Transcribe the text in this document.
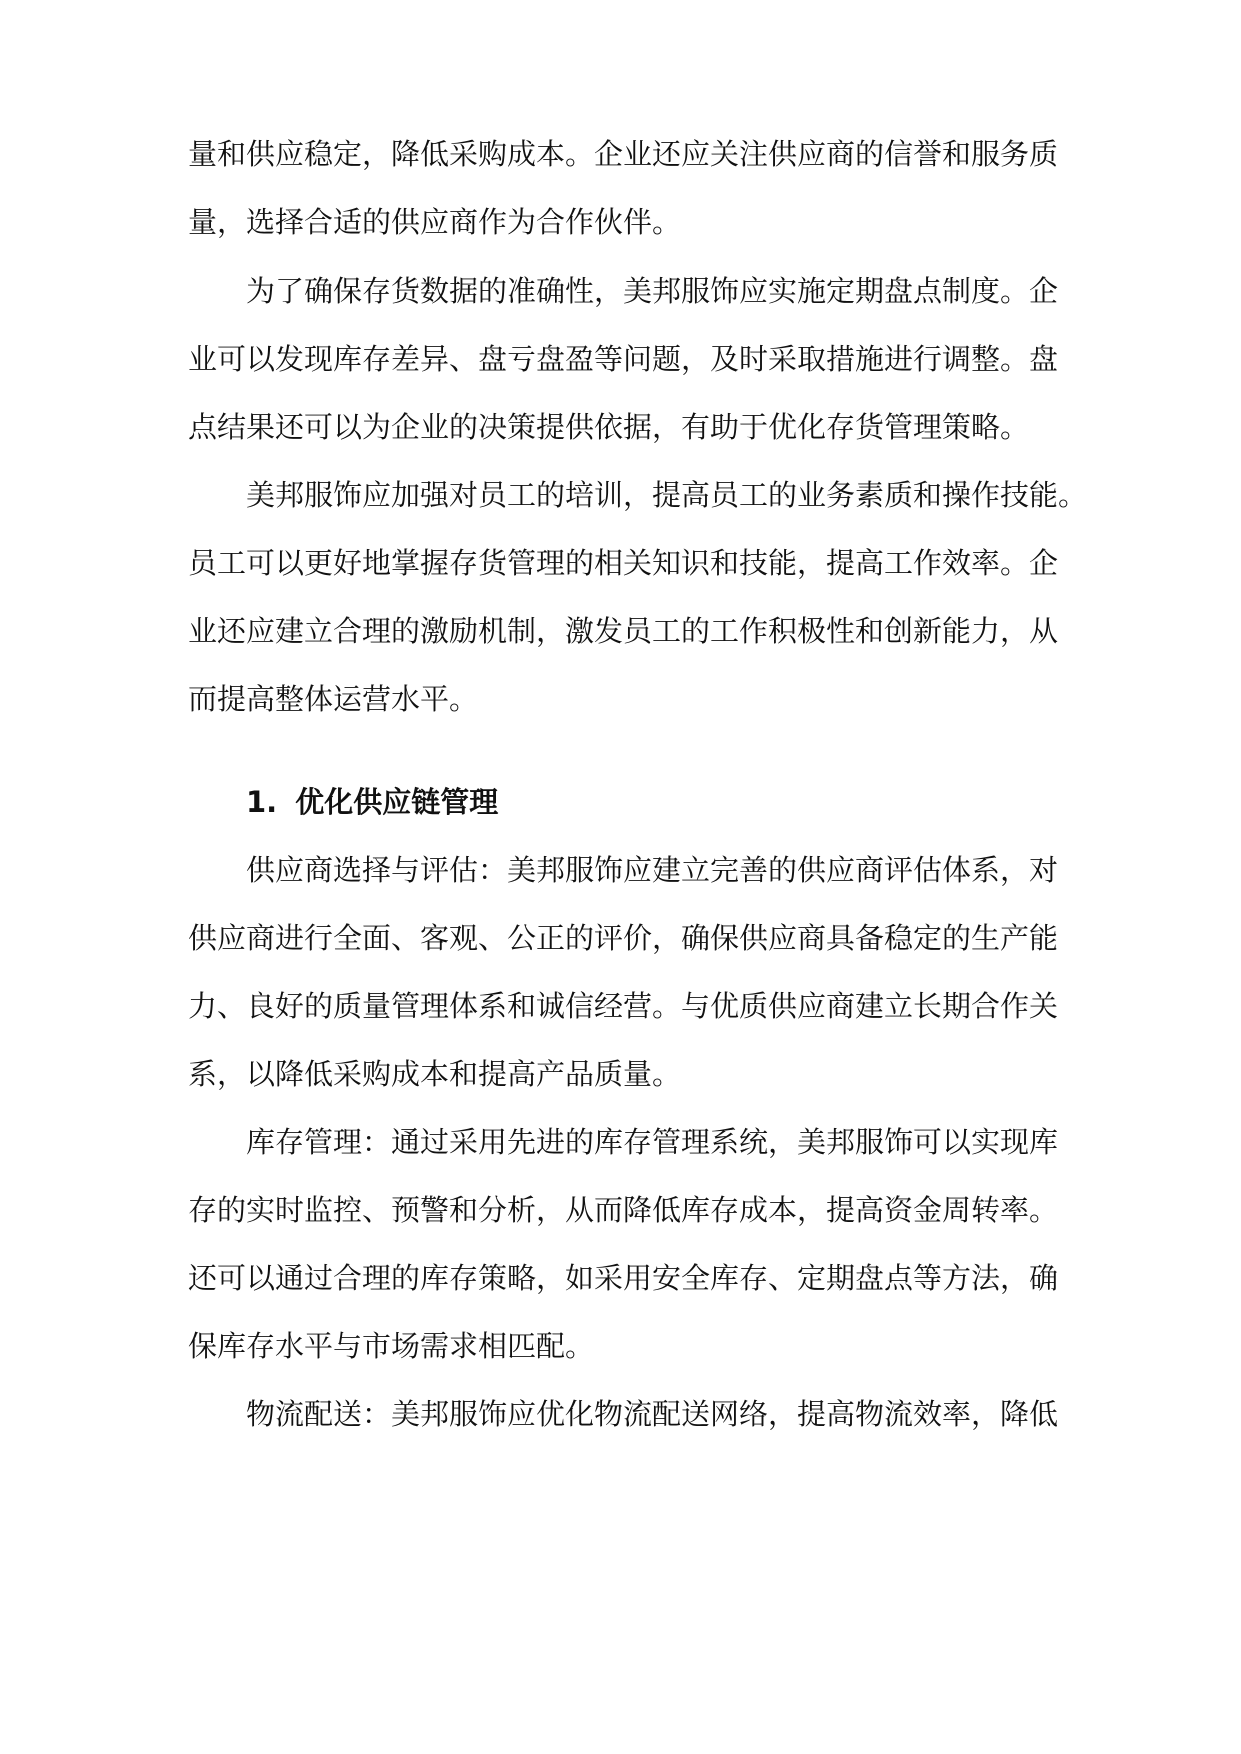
量和供应稳定，降低采购成本。企业还应关注供应商的信誉和服务质
量，选择合适的供应商作为合作伙伴。
为了确保存货数据的准确性，美邦服饰应实施定期盘点制度。企
业可以发现库存差异、盘亏盘盈等问题，及时采取措施进行调整。盘
点结果还可以为企业的决策提供依据，有助于优化存货管理策略。
美邦服饰应加强对员工的培训，提高员工的业务素质和操作技能。
员工可以更好地掌握存货管理的相关知识和技能，提高工作效率。企
业还应建立合理的激励机制，激发员工的工作积极性和创新能力，从
而提高整体运营水平。
1. 优化供应链管理
供应商选择与评估：美邦服饰应建立完善的供应商评估体系，对
供应商进行全面、客观、公正的评价，确保供应商具备稳定的生产能
力、良好的质量管理体系和诚信经营。与优质供应商建立长期合作关
系，以降低采购成本和提高产品质量。
库存管理：通过采用先进的库存管理系统，美邦服饰可以实现库
存的实时监控、预警和分析，从而降低库存成本，提高资金周转率。
还可以通过合理的库存策略，如采用安全库存、定期盘点等方法，确
保库存水平与市场需求相匹配。
物流配送：美邦服饰应优化物流配送网络，提高物流效率，降低
